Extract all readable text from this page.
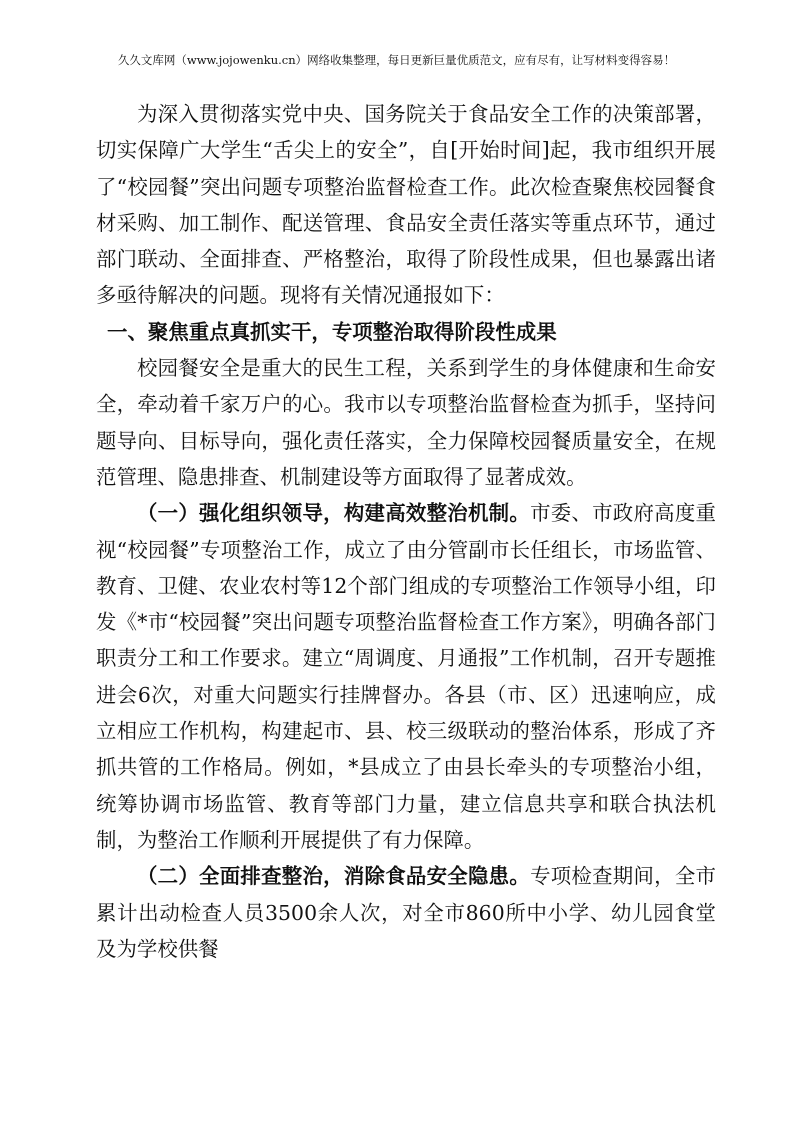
久久文库网（www.jojowenku.cn）网络收集整理，每日更新巨量优质范文，应有尽有，让写材料变得容易！

为深入贯彻落实党中央、国务院关于食品安全工作的决策部署，切实保障广大学生“舌尖上的安全”，自[开始时间]起，我市组织开展了“校园餐”突出问题专项整治监督检查工作。此次检查聚焦校园餐食材采购、加工制作、配送管理、食品安全责任落实等重点环节，通过部门联动、全面排查、严格整治，取得了阶段性成果，但也暴露出诸多亟待解决的问题。现将有关情况通报如下：

一、聚焦重点真抓实干，专项整治取得阶段性成果

校园餐安全是重大的民生工程，关系到学生的身体健康和生命安全，牵动着千家万户的心。我市以专项整治监督检查为抓手，坚持问题导向、目标导向，强化责任落实，全力保障校园餐质量安全，在规范管理、隐患排查、机制建设等方面取得了显著成效。

（一）强化组织领导，构建高效整治机制。市委、市政府高度重视“校园餐”专项整治工作，成立了由分管副市长任组长，市场监管、教育、卫健、农业农村等12个部门组成的专项整治工作领导小组，印发《*市“校园餐”突出问题专项整治监督检查工作方案》，明确各部门职责分工和工作要求。建立“周调度、月通报”工作机制，召开专题推进会6次，对重大问题实行挂牌督办。各县（市、区）迅速响应，成立相应工作机构，构建起市、县、校三级联动的整治体系，形成了齐抓共管的工作格局。例如，*县成立了由县长牵头的专项整治小组，统筹协调市场监管、教育等部门力量，建立信息共享和联合执法机制，为整治工作顺利开展提供了有力保障。

（二）全面排查整治，消除食品安全隐患。专项检查期间，全市累计出动检查人员3500余人次，对全市860所中小学、幼儿园食堂及为学校供餐
